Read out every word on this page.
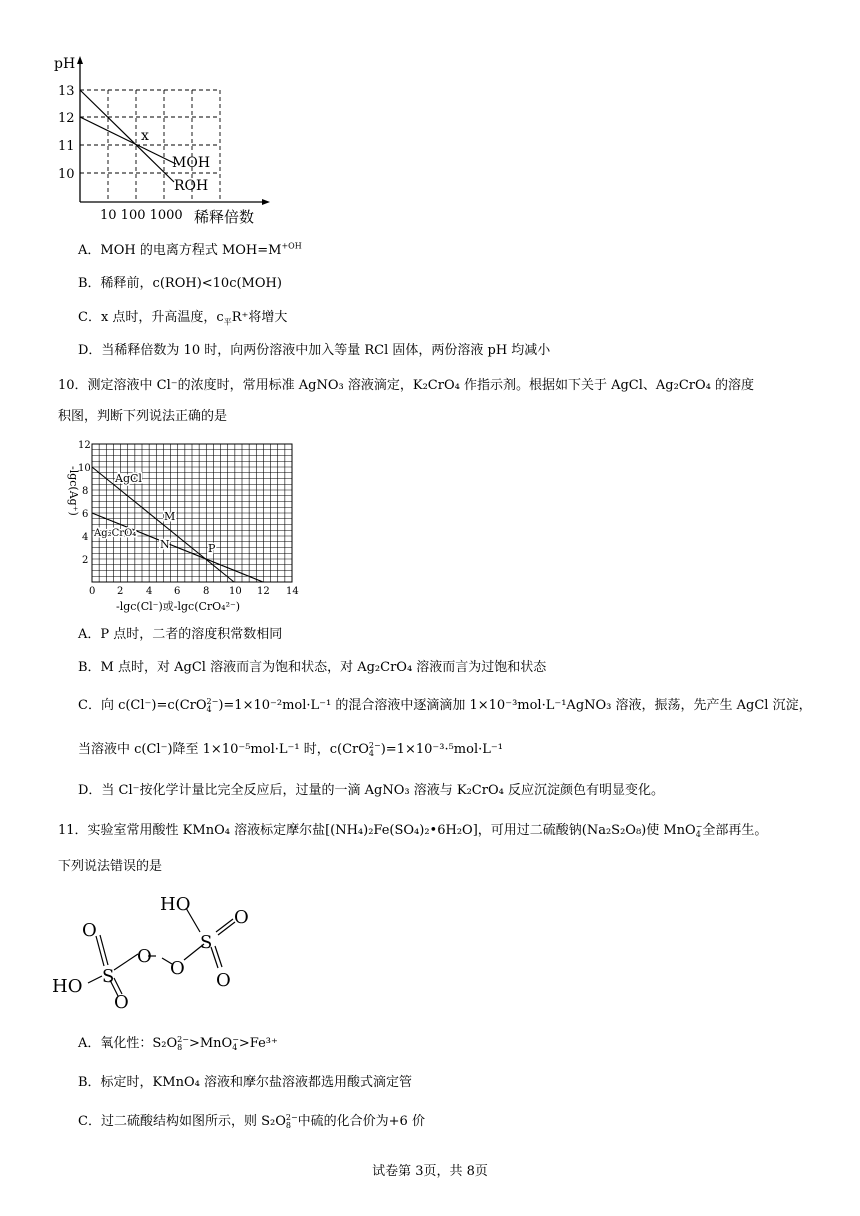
pH
13
12
11
10
x
MOH
ROH
10 100 1000 稀释倍数
A．MOH 的电离方程式 $MOH=M^{+OH}$
B．稀释前，c(ROH)<10c(MOH)
C．x 点时，升高温度，$c_平R^+$将增大
D．当稀释倍数为 10 时，向两份溶液中加入等量 RCl 固体，两份溶液 pH 均减小
10．测定溶液中 Cl⁻的浓度时，常用标准 AgNO₃ 溶液滴定，K₂CrO₄ 作指示剂。根据如下关于 AgCl、Ag₂CrO₄ 的溶度
积图，判断下列说法正确的是
AgCl
Ag₂CrO₄
M
N	P
12
10
8
6
4
2
0 2 4 6 8 10 12 14
-lgc(Cl⁻)或-lgc(CrO₄²⁻)
-lgc(Ag⁺)
A．P 点时，二者的溶度积常数相同
B．M 点时，对 AgCl 溶液而言为饱和状态，对 Ag₂CrO₄ 溶液而言为过饱和状态
C．向 c(Cl⁻)=c(CrO 2−
4 )=1×10⁻²mol·L⁻¹ 的混合溶液中逐滴滴加 1×10⁻³mol·L⁻¹AgNO₃ 溶液，振荡，先产生 AgCl 沉淀，
当溶液中 c(Cl⁻)降至 1×10⁻⁵mol·L⁻¹ 时，c(CrO 2−
4 )=1×10⁻³·⁵mol·L⁻¹
D．当 Cl⁻按化学计量比完全反应后，过量的一滴 AgNO₃ 溶液与 K₂CrO₄ 反应沉淀颜色有明显变化。
11．实验室常用酸性 KMnO₄ 溶液标定摩尔盐[(NH₄)₂Fe(SO₄)₂•6H₂O]，可用过二硫酸钠(Na₂S₂O₈)使 MnO −
4 全部再生。
下列说法错误的是
O
S
O
O
HO
S
O
O
HO
O
A．氧化性：S₂O 2−
8 >MnO −
4 >Fe³⁺
B．标定时，KMnO₄ 溶液和摩尔盐溶液都选用酸式滴定管
C．过二硫酸结构如图所示，则 S₂O 2−
8 中硫的化合价为+6 价
试卷第 3页，共 8页
